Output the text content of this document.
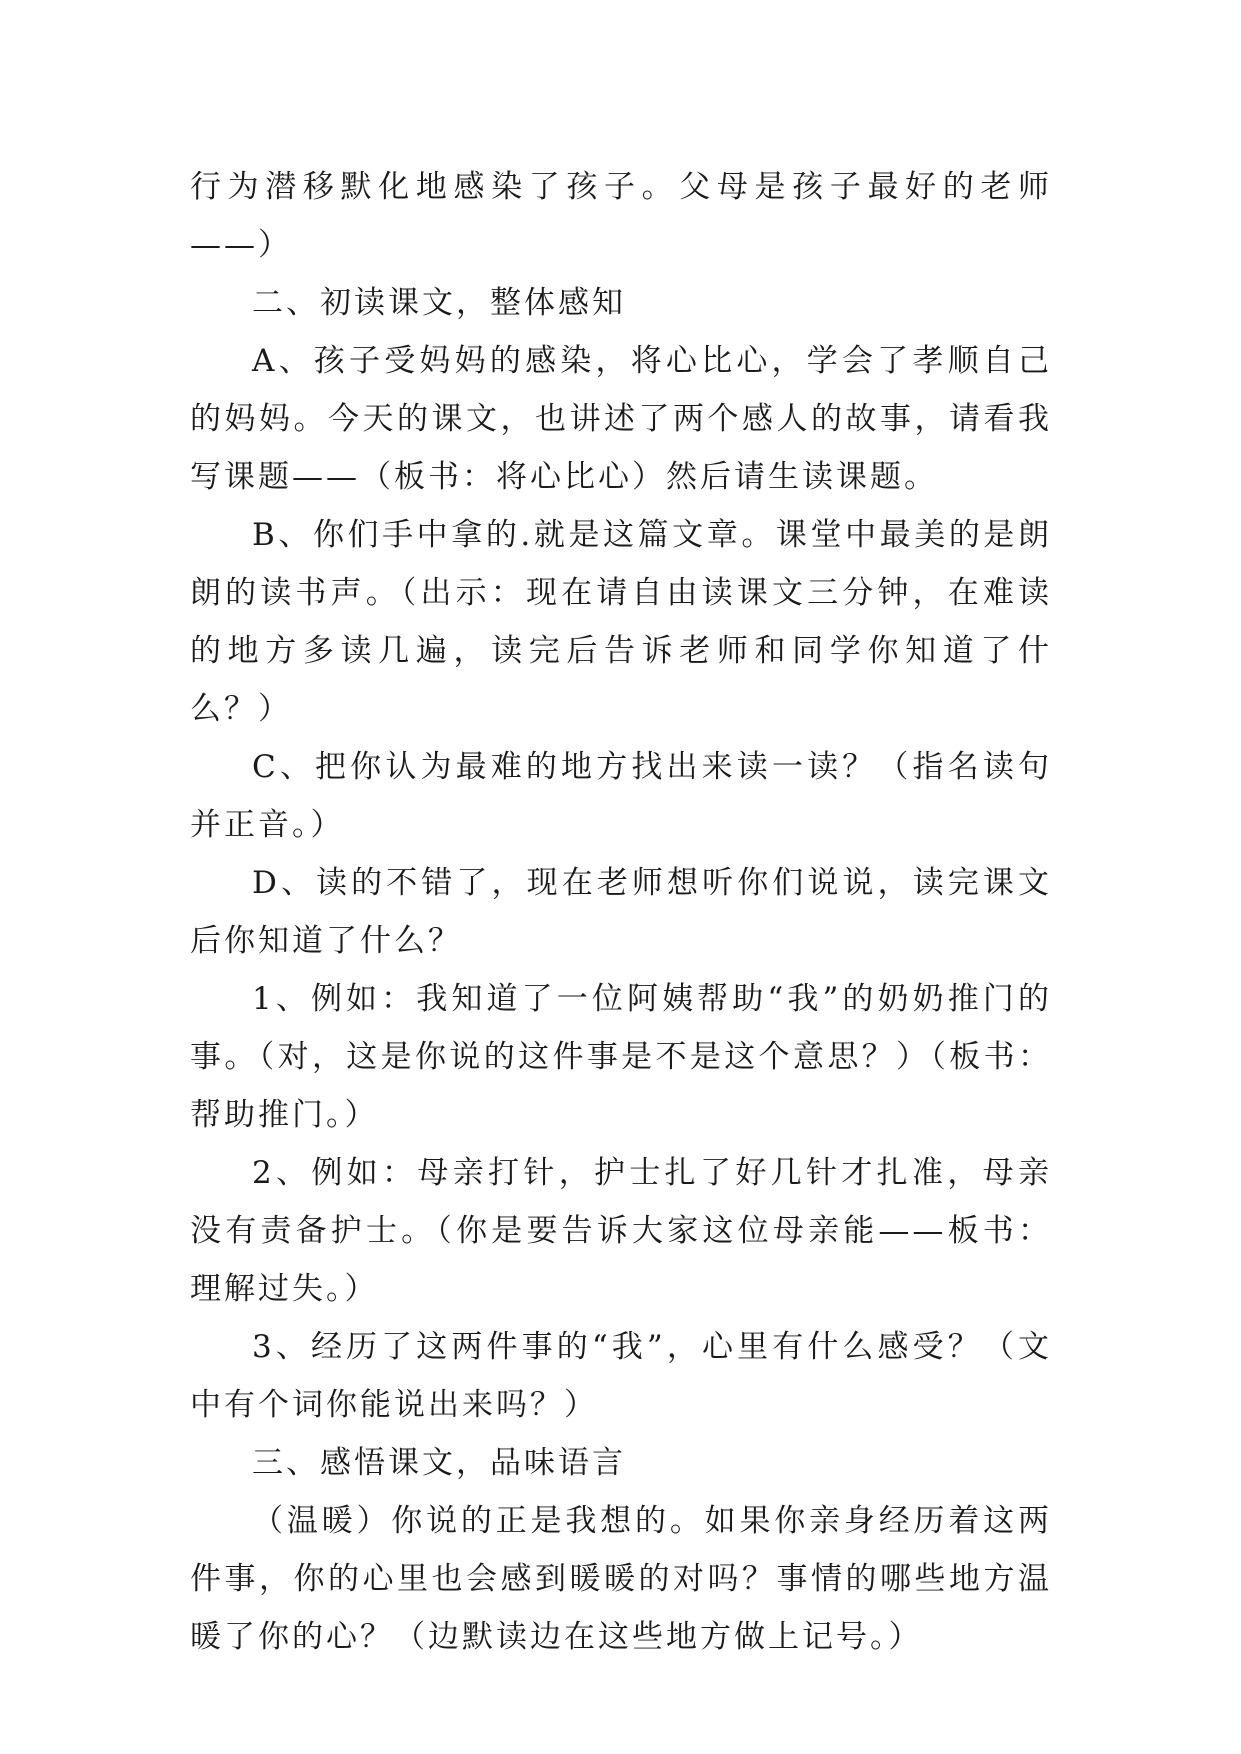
行为潜移默化地感染了孩子。父母是孩子最好的老师——）

二、初读课文，整体感知

A、孩子受妈妈的感染，将心比心，学会了孝顺自己的妈妈。今天的课文，也讲述了两个感人的故事，请看我写课题——（板书：将心比心）然后请生读课题。

B、你们手中拿的.就是这篇文章。课堂中最美的是朗朗的读书声。（出示：现在请自由读课文三分钟，在难读的地方多读几遍，读完后告诉老师和同学你知道了什么？）

C、把你认为最难的地方找出来读一读？（指名读句并正音。）

D、读的不错了，现在老师想听你们说说，读完课文后你知道了什么？

1、例如：我知道了一位阿姨帮助“我”的奶奶推门的事。（对，这是你说的这件事是不是这个意思？）（板书：帮助推门。）

2、例如：母亲打针，护士扎了好几针才扎准，母亲没有责备护士。（你是要告诉大家这位母亲能——板书：理解过失。）

3、经历了这两件事的“我”，心里有什么感受？（文中有个词你能说出来吗？）

三、感悟课文，品味语言

（温暖）你说的正是我想的。如果你亲身经历着这两件事，你的心里也会感到暖暖的对吗？事情的哪些地方温暖了你的心？（边默读边在这些地方做上记号。）
